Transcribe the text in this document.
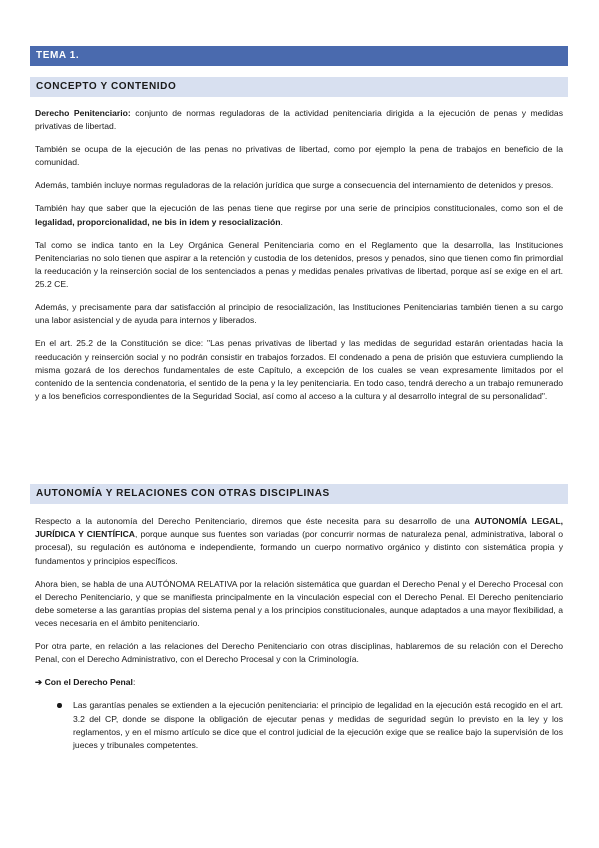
TEMA 1.
CONCEPTO Y CONTENIDO

Derecho Penitenciario: conjunto de normas reguladoras de la actividad penitenciaria dirigida a la ejecución de penas y medidas privativas de libertad.

También se ocupa de la ejecución de las penas no privativas de libertad, como por ejemplo la pena de trabajos en beneficio de la comunidad.

Además, también incluye normas reguladoras de la relación jurídica que surge a consecuencia del internamiento de detenidos y presos.

También hay que saber que la ejecución de las penas tiene que regirse por una serie de principios constitucionales, como son el de legalidad, proporcionalidad, ne bis in idem y resocialización.

Tal como se indica tanto en la Ley Orgánica General Penitenciaria como en el Reglamento que la desarrolla, las Instituciones Penitenciarias no solo tienen que aspirar a la retención y custodia de los detenidos, presos y penados, sino que tienen como fin primordial la reeducación y la reinserción social de los sentenciados a penas y medidas penales privativas de libertad, porque así se exige en el art. 25.2 CE.

Además, y precisamente para dar satisfacción al principio de resocialización, las Instituciones Penitenciarias también tienen a su cargo una labor asistencial y de ayuda para internos y liberados.

En el art. 25.2 de la Constitución se dice: "Las penas privativas de libertad y las medidas de seguridad estarán orientadas hacia la reeducación y reinserción social y no podrán consistir en trabajos forzados. El condenado a pena de prisión que estuviera cumpliendo la misma gozará de los derechos fundamentales de este Capítulo, a excepción de los cuales se vean expresamente limitados por el contenido de la sentencia condenatoria, el sentido de la pena y la ley penitenciaria. En todo caso, tendrá derecho a un trabajo remunerado y a los beneficios correspondientes de la Seguridad Social, así como al acceso a la cultura y al desarrollo integral de su personalidad".

AUTONOMÍA Y RELACIONES CON OTRAS DISCIPLINAS

Respecto a la autonomía del Derecho Penitenciario, diremos que éste necesita para su desarrollo de una AUTONOMÍA LEGAL, JURÍDICA Y CIENTÍFICA, porque aunque sus fuentes son variadas (por concurrir normas de naturaleza penal, administrativa, laboral o procesal), su regulación es autónoma e independiente, formando un cuerpo normativo orgánico y distinto con sistemática propia y fundamentos y principios específicos.

Ahora bien, se habla de una AUTÓNOMA RELATIVA por la relación sistemática que guardan el Derecho Penal y el Derecho Procesal con el Derecho Penitenciario, y que se manifiesta principalmente en la vinculación especial con el Derecho Penal. El Derecho penitenciario debe someterse a las garantías propias del sistema penal y a los principios constitucionales, aunque adaptados a una mayor flexibilidad, a veces necesaria en el ámbito penitenciario.

Por otra parte, en relación a las relaciones del Derecho Penitenciario con otras disciplinas, hablaremos de su relación con el Derecho Penal, con el Derecho Administrativo, con el Derecho Procesal y con la Criminología.

➔ Con el Derecho Penal:

Las garantías penales se extienden a la ejecución penitenciaria: el principio de legalidad en la ejecución está recogido en el art. 3.2 del CP, donde se dispone la obligación de ejecutar penas y medidas de seguridad según lo previsto en la ley y los reglamentos, y en el mismo artículo se dice que el control judicial de la ejecución exige que se realice bajo la supervisión de los jueces y tribunales competentes.
